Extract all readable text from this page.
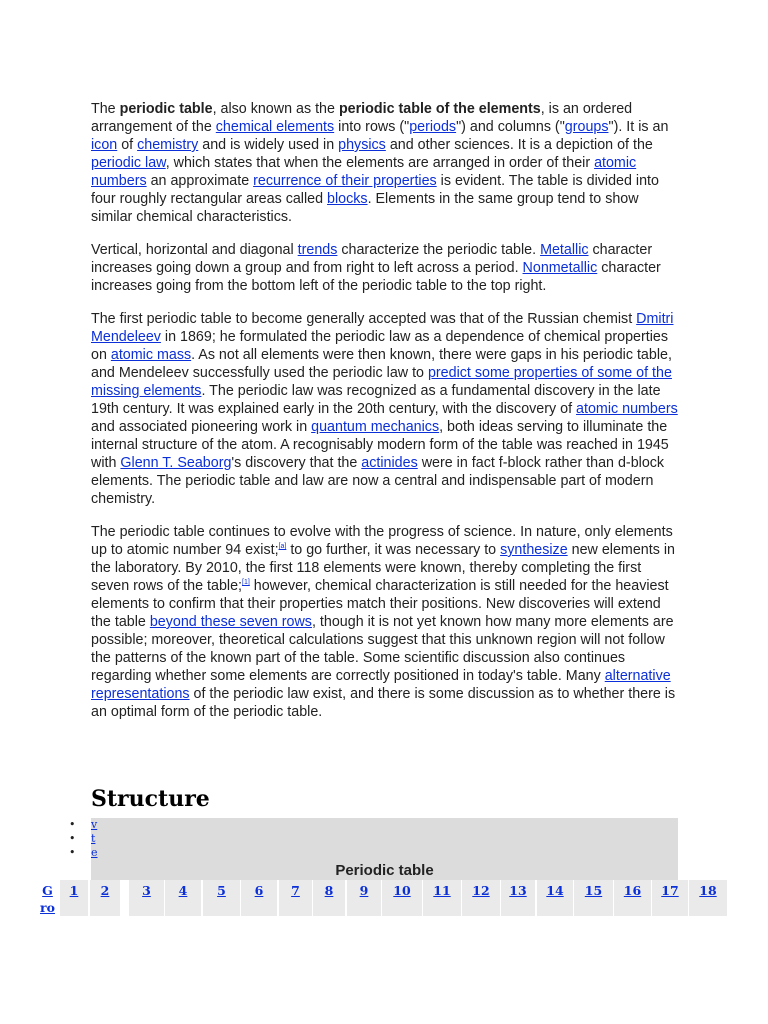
The periodic table, also known as the periodic table of the elements, is an ordered arrangement of the chemical elements into rows ("periods") and columns ("groups"). It is an icon of chemistry and is widely used in physics and other sciences. It is a depiction of the periodic law, which states that when the elements are arranged in order of their atomic numbers an approximate recurrence of their properties is evident. The table is divided into four roughly rectangular areas called blocks. Elements in the same group tend to show similar chemical characteristics.

Vertical, horizontal and diagonal trends characterize the periodic table. Metallic character increases going down a group and from right to left across a period. Nonmetallic character increases going from the bottom left of the periodic table to the top right.

The first periodic table to become generally accepted was that of the Russian chemist Dmitri Mendeleev in 1869; he formulated the periodic law as a dependence of chemical properties on atomic mass. As not all elements were then known, there were gaps in his periodic table, and Mendeleev successfully used the periodic law to predict some properties of some of the missing elements. The periodic law was recognized as a fundamental discovery in the late 19th century. It was explained early in the 20th century, with the discovery of atomic numbers and associated pioneering work in quantum mechanics, both ideas serving to illuminate the internal structure of the atom. A recognisably modern form of the table was reached in 1945 with Glenn T. Seaborg's discovery that the actinides were in fact f-block rather than d-block elements. The periodic table and law are now a central and indispensable part of modern chemistry.

The periodic table continues to evolve with the progress of science. In nature, only elements up to atomic number 94 exist;[a] to go further, it was necessary to synthesize new elements in the laboratory. By 2010, the first 118 elements were known, thereby completing the first seven rows of the table;[1] however, chemical characterization is still needed for the heaviest elements to confirm that their properties match their positions. New discoveries will extend the table beyond these seven rows, though it is not yet known how many more elements are possible; moreover, theoretical calculations suggest that this unknown region will not follow the patterns of the known part of the table. Some scientific discussion also continues regarding whether some elements are correctly positioned in today's table. Many alternative representations of the periodic law exist, and there is some discussion as to whether there is an optimal form of the periodic table.

Structure
• v
• t
• e
Periodic table
G
ro
1	2	3	4	5	6	7	8	9	10	11	12	13	14	15	16	17	18
